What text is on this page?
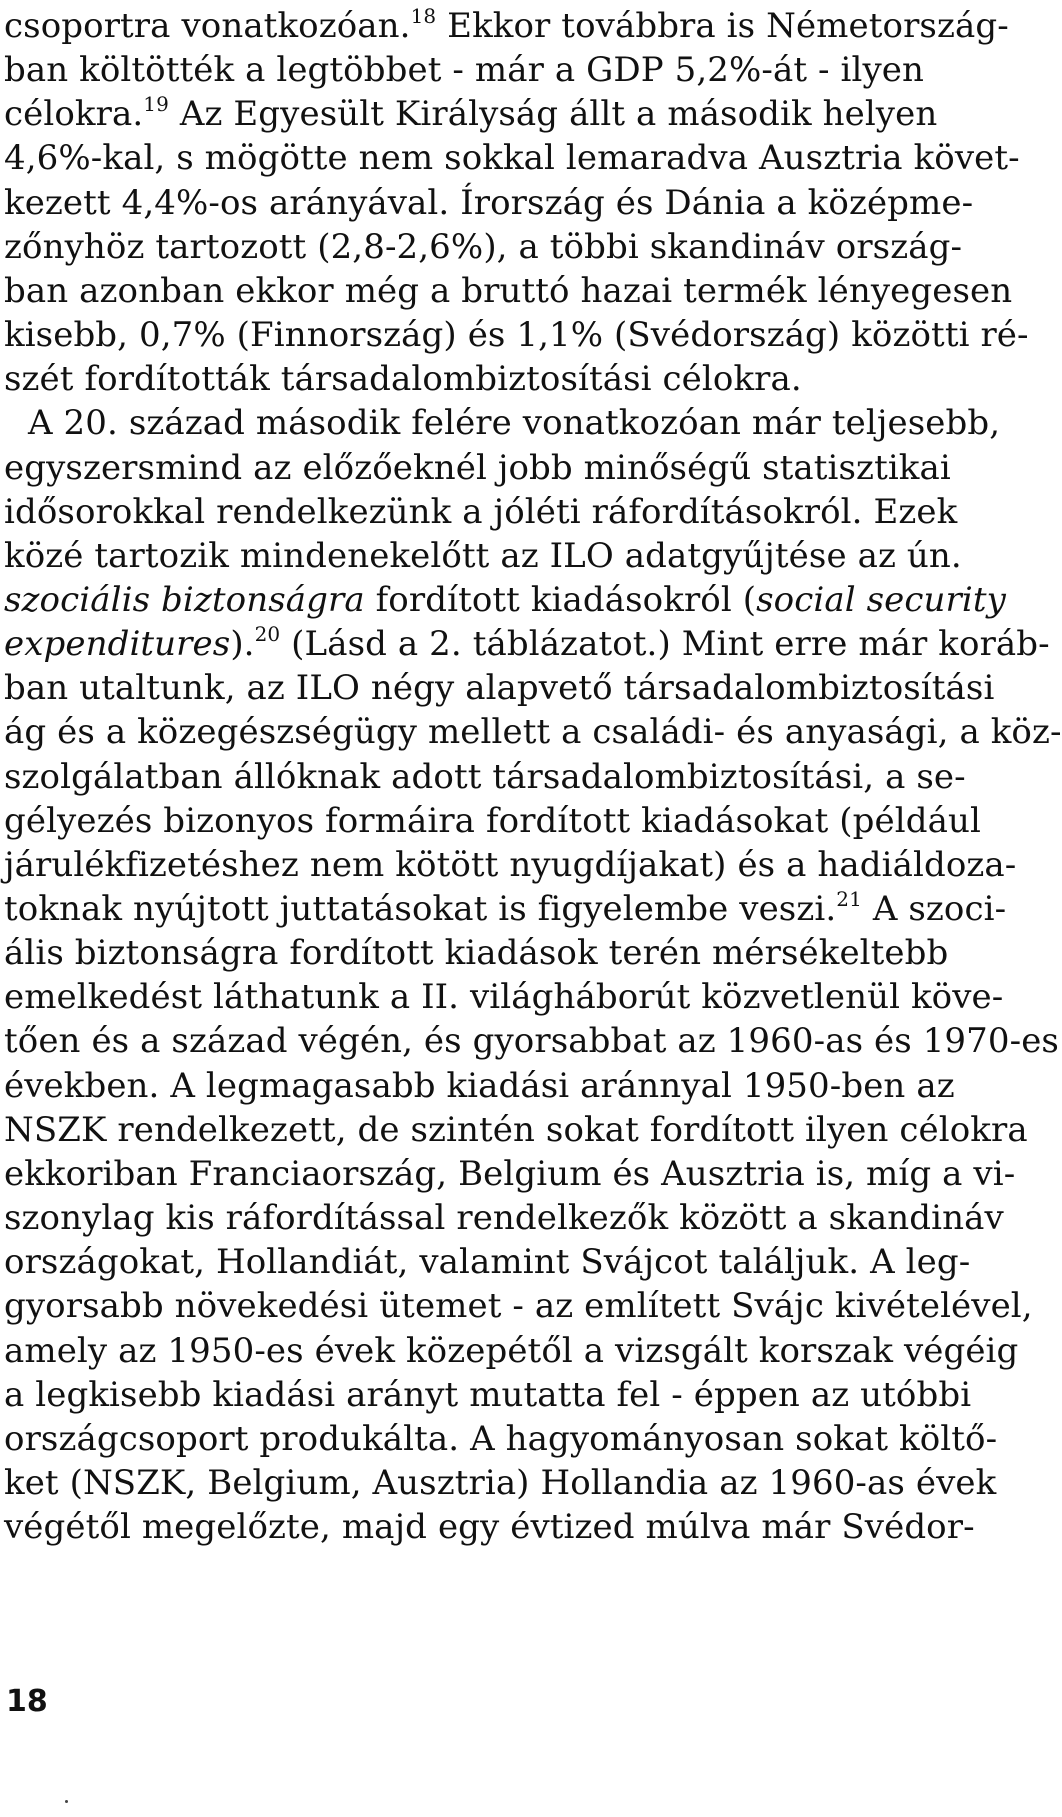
csoportra vonatkozóan.$^{18}$ Ekkor továbbra is Németország-
ban költötték a legtöbbet - már a GDP 5,2%-át - ilyen
célokra.$^{19}$ Az Egyesült Királyság állt a második helyen
4,6%-kal, s mögötte nem sokkal lemaradva Ausztria követ-
kezett 4,4%-os arányával. Írország és Dánia a középme-
zőnyhöz tartozott (2,8-2,6%), a többi skandináv ország-
ban azonban ekkor még a bruttó hazai termék lényegesen
kisebb, 0,7% (Finnország) és 1,1% (Svédország) közötti ré-
szét fordították társadalombiztosítási célokra.
A 20. század második felére vonatkozóan már teljesebb,
egyszersmind az előzőeknél jobb minőségű statisztikai
idősorokkal rendelkezünk a jóléti ráfordításokról. Ezek
közé tartozik mindenekelőtt az ILO adatgyűjtése az ún.
szociális biztonságra fordított kiadásokról (social security
expenditures).$^{20}$ (Lásd a 2. táblázatot.) Mint erre már koráb-
ban utaltunk, az ILO négy alapvető társadalombiztosítási
ág és a közegészségügy mellett a családi- és anyasági, a köz-
szolgálatban állóknak adott társadalombiztosítási, a se-
gélyezés bizonyos formáira fordított kiadásokat (például
járulékfizetéshez nem kötött nyugdíjakat) és a hadiáldoza-
toknak nyújtott juttatásokat is figyelembe veszi.$^{21}$ A szoci-
ális biztonságra fordított kiadások terén mérsékeltebb
emelkedést láthatunk a II. világháborút közvetlenül köve-
tően és a század végén, és gyorsabbat az 1960-as és 1970-es
években. A legmagasabb kiadási aránnyal 1950-ben az
NSZK rendelkezett, de szintén sokat fordított ilyen célokra
ekkoriban Franciaország, Belgium és Ausztria is, míg a vi-
szonylag kis ráfordítással rendelkezők között a skandináv
országokat, Hollandiát, valamint Svájcot találjuk. A leg-
gyorsabb növekedési ütemet - az említett Svájc kivételével,
amely az 1950-es évek közepétől a vizsgált korszak végéig
a legkisebb kiadási arányt mutatta fel - éppen az utóbbi
országcsoport produkálta. A hagyományosan sokat költő-
ket (NSZK, Belgium, Ausztria) Hollandia az 1960-as évek
végétől megelőzte, majd egy évtized múlva már Svédor-
18
